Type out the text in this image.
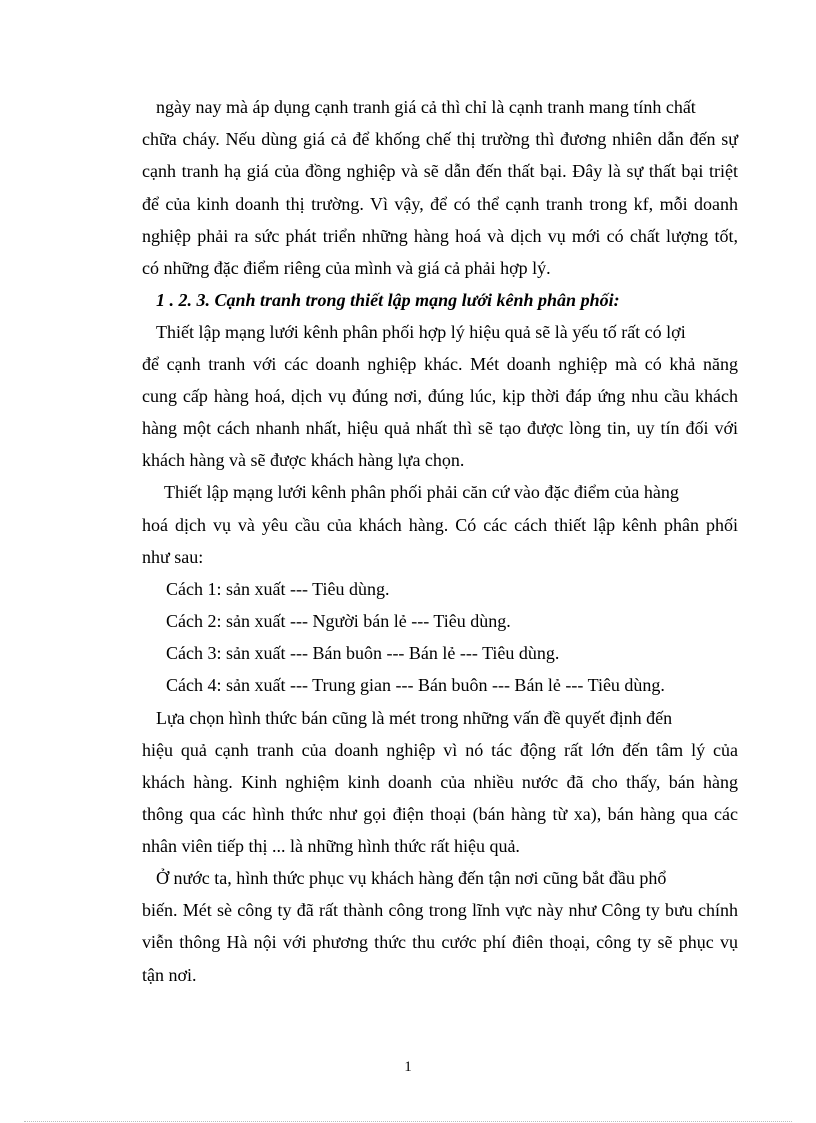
ngày nay mà áp dụng cạnh tranh giá cả thì chỉ là cạnh tranh mang tính chất

chữa cháy. Nếu dùng giá cả để khống chế thị trường thì đương nhiên dẫn đến sự

cạnh tranh hạ giá của đồng nghiệp và sẽ dẫn đến thất bại. Đây là sự thất bại triệt

để của kinh doanh thị trường. Vì vậy, để có thể cạnh tranh trong kf, mỗi doanh

nghiệp phải ra sức phát triển những hàng hoá và dịch vụ mới có chất lượng tốt,

có những đặc điểm riêng của mình và giá cả phải hợp lý.

1 . 2. 3. Cạnh tranh trong thiết lập mạng lưới kênh phân phối:

Thiết lập mạng lưới kênh phân phối hợp lý hiệu quả sẽ là yếu tố rất có lợi

để cạnh tranh với các doanh nghiệp khác. Mét doanh nghiệp mà có khả năng

cung cấp hàng hoá, dịch vụ đúng nơi, đúng lúc, kịp thời đáp ứng nhu cầu khách

hàng một cách nhanh nhất, hiệu quả nhất thì sẽ tạo được lòng tin, uy tín đối với

khách hàng và sẽ được khách hàng lựa chọn.

Thiết lập mạng lưới kênh phân phối phải căn cứ vào đặc điểm của hàng

hoá dịch vụ và yêu cầu của khách hàng. Có các cách thiết lập kênh phân phối

như sau:

Cách 1: sản xuất --- Tiêu dùng.

Cách 2: sản xuất --- Người bán lẻ --- Tiêu dùng.

Cách 3: sản xuất --- Bán buôn --- Bán lẻ --- Tiêu dùng.

Cách 4: sản xuất --- Trung gian --- Bán buôn --- Bán lẻ --- Tiêu dùng.

Lựa chọn hình thức bán cũng là mét trong những vấn đề quyết định đến

hiệu quả cạnh tranh của doanh nghiệp vì nó tác động rất lớn đến tâm lý của

khách hàng. Kinh nghiệm kinh doanh của nhiều nước đã cho thấy, bán hàng

thông qua các hình thức như gọi điện thoại (bán hàng từ xa), bán hàng qua các

nhân viên tiếp thị ... là những hình thức rất hiệu quả.

Ở nước ta, hình thức phục vụ khách hàng đến tận nơi cũng bắt đầu phổ

biến. Mét sè công ty đã rất thành công trong lĩnh vực này như Công ty bưu chính

viễn thông Hà nội với phương thức thu cước phí điên thoại, công ty sẽ phục vụ

tận nơi.

1
